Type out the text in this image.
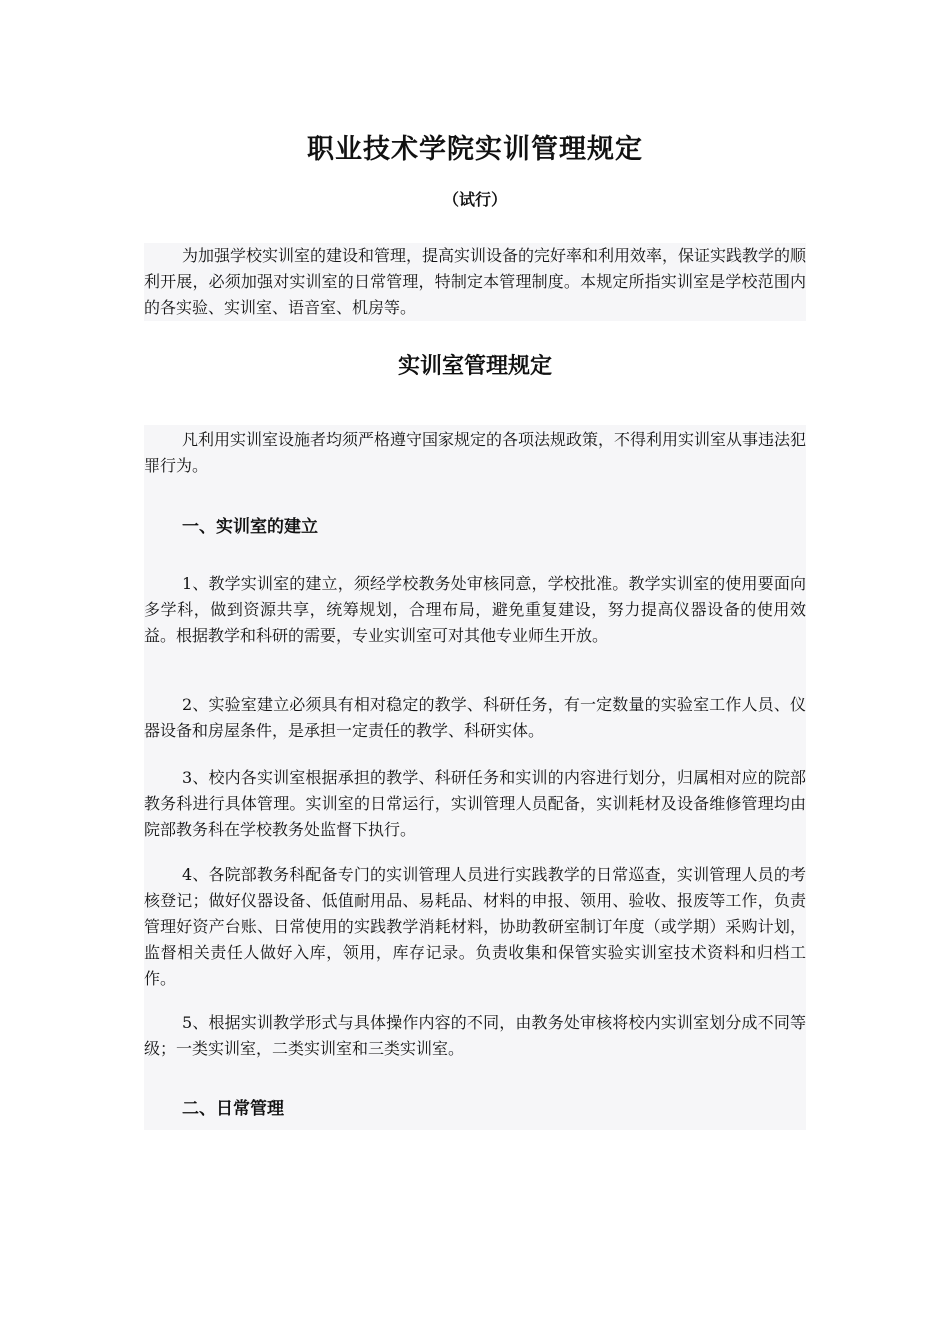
职业技术学院实训管理规定
（试行）

为加强学校实训室的建设和管理，提高实训设备的完好率和利用效率，保证实践教学的顺利开展，必须加强对实训室的日常管理，特制定本管理制度。本规定所指实训室是学校范围内的各实验、实训室、语音室、机房等。

实训室管理规定

凡利用实训室设施者均须严格遵守国家规定的各项法规政策，不得利用实训室从事违法犯罪行为。

一、实训室的建立

1、教学实训室的建立，须经学校教务处审核同意，学校批准。教学实训室的使用要面向多学科，做到资源共享，统筹规划，合理布局，避免重复建设，努力提高仪器设备的使用效益。根据教学和科研的需要，专业实训室可对其他专业师生开放。

2、实验室建立必须具有相对稳定的教学、科研任务，有一定数量的实验室工作人员、仪器设备和房屋条件，是承担一定责任的教学、科研实体。

3、校内各实训室根据承担的教学、科研任务和实训的内容进行划分，归属相对应的院部教务科进行具体管理。实训室的日常运行，实训管理人员配备，实训耗材及设备维修管理均由院部教务科在学校教务处监督下执行。

4、各院部教务科配备专门的实训管理人员进行实践教学的日常巡查，实训管理人员的考核登记；做好仪器设备、低值耐用品、易耗品、材料的申报、领用、验收、报废等工作，负责管理好资产台账、日常使用的实践教学消耗材料，协助教研室制订年度（或学期）采购计划，监督相关责任人做好入库，领用，库存记录。负责收集和保管实验实训室技术资料和归档工作。

5、根据实训教学形式与具体操作内容的不同，由教务处审核将校内实训室划分成不同等级；一类实训室，二类实训室和三类实训室。

二、日常管理
